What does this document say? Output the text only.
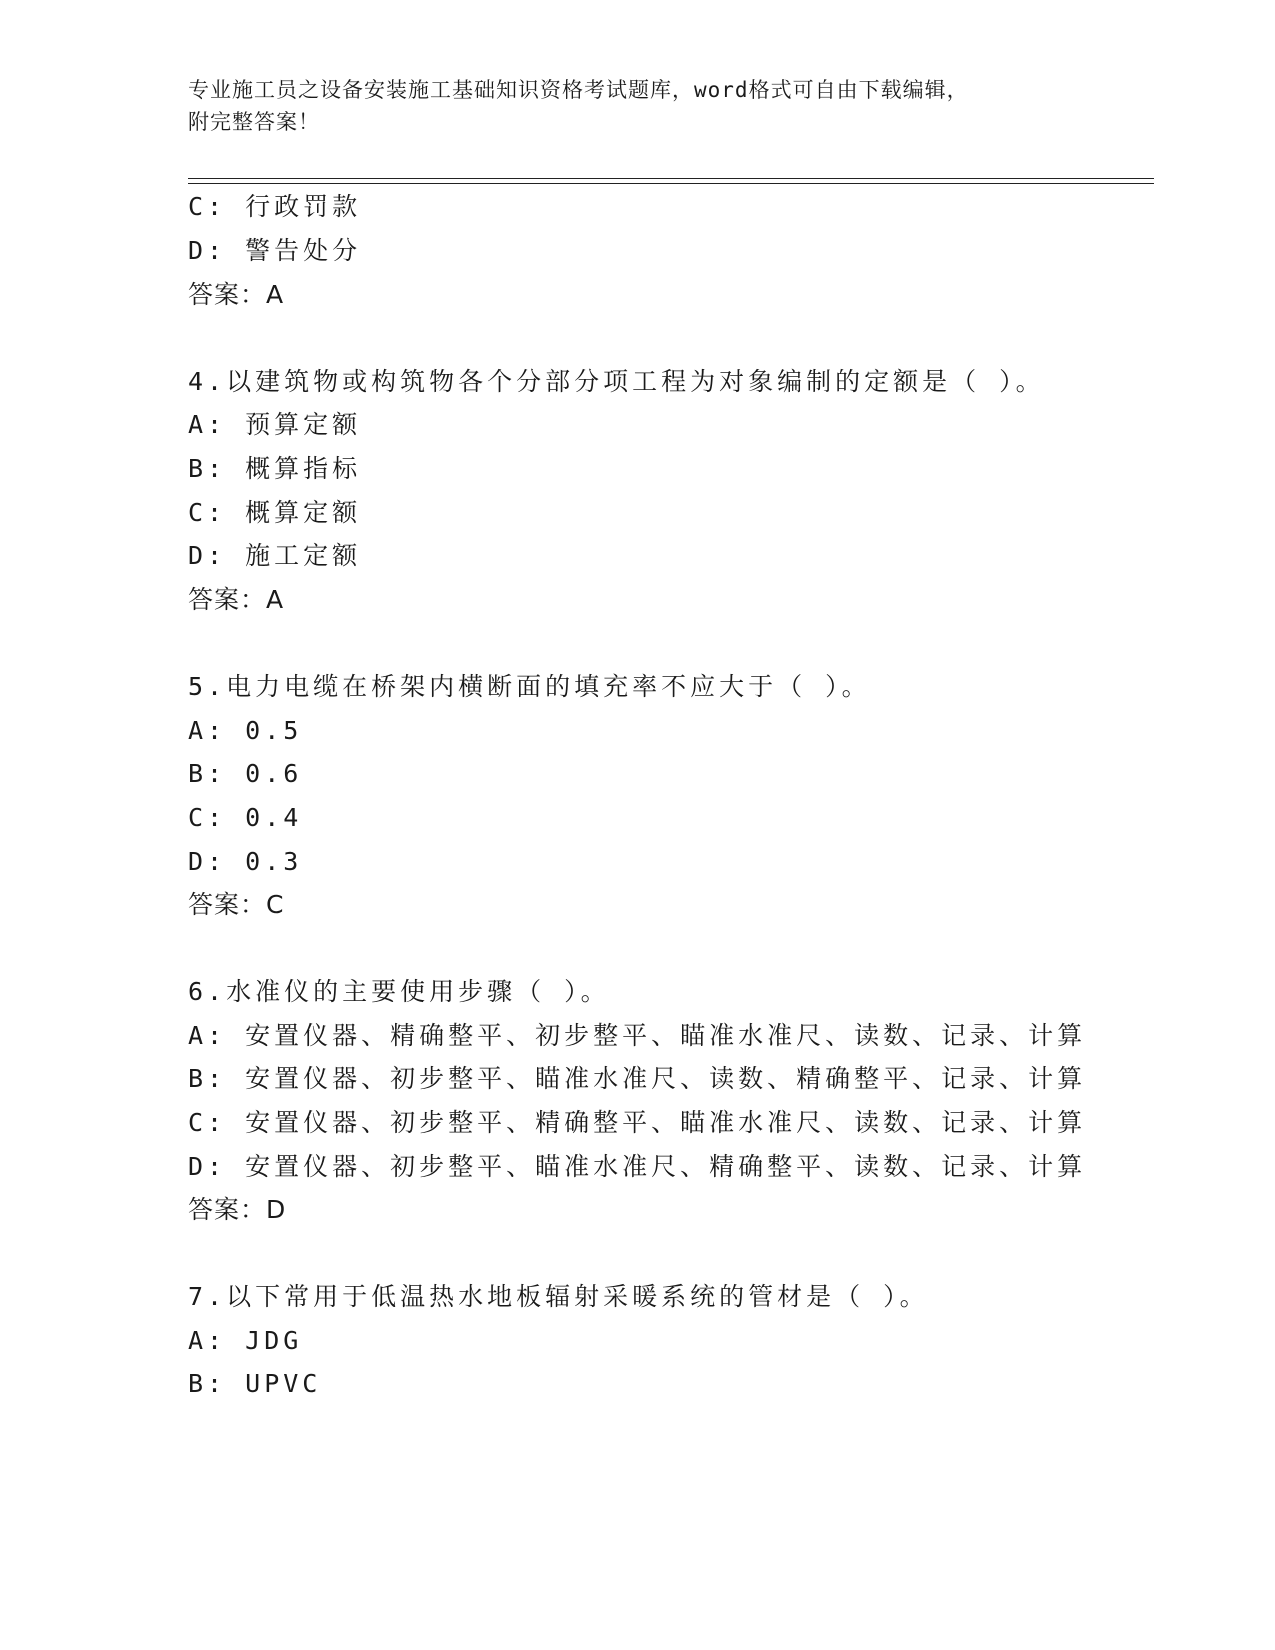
专业施工员之设备安装施工基础知识资格考试题库，word格式可自由下载编辑，
附完整答案！
C: 行政罚款
D: 警告处分
答案：A
4.以建筑物或构筑物各个分部分项工程为对象编制的定额是（ ）。
A: 预算定额
B: 概算指标
C: 概算定额
D: 施工定额
答案：A
5.电力电缆在桥架内横断面的填充率不应大于（ ）。
A: 0.5
B: 0.6
C: 0.4
D: 0.3
答案：C
6.水准仪的主要使用步骤（ ）。
A: 安置仪器、精确整平、初步整平、瞄准水准尺、读数、记录、计算
B: 安置仪器、初步整平、瞄准水准尺、读数、精确整平、记录、计算
C: 安置仪器、初步整平、精确整平、瞄准水准尺、读数、记录、计算
D: 安置仪器、初步整平、瞄准水准尺、精确整平、读数、记录、计算
答案：D
7.以下常用于低温热水地板辐射采暖系统的管材是（ ）。
A: JDG
B: UPVC
